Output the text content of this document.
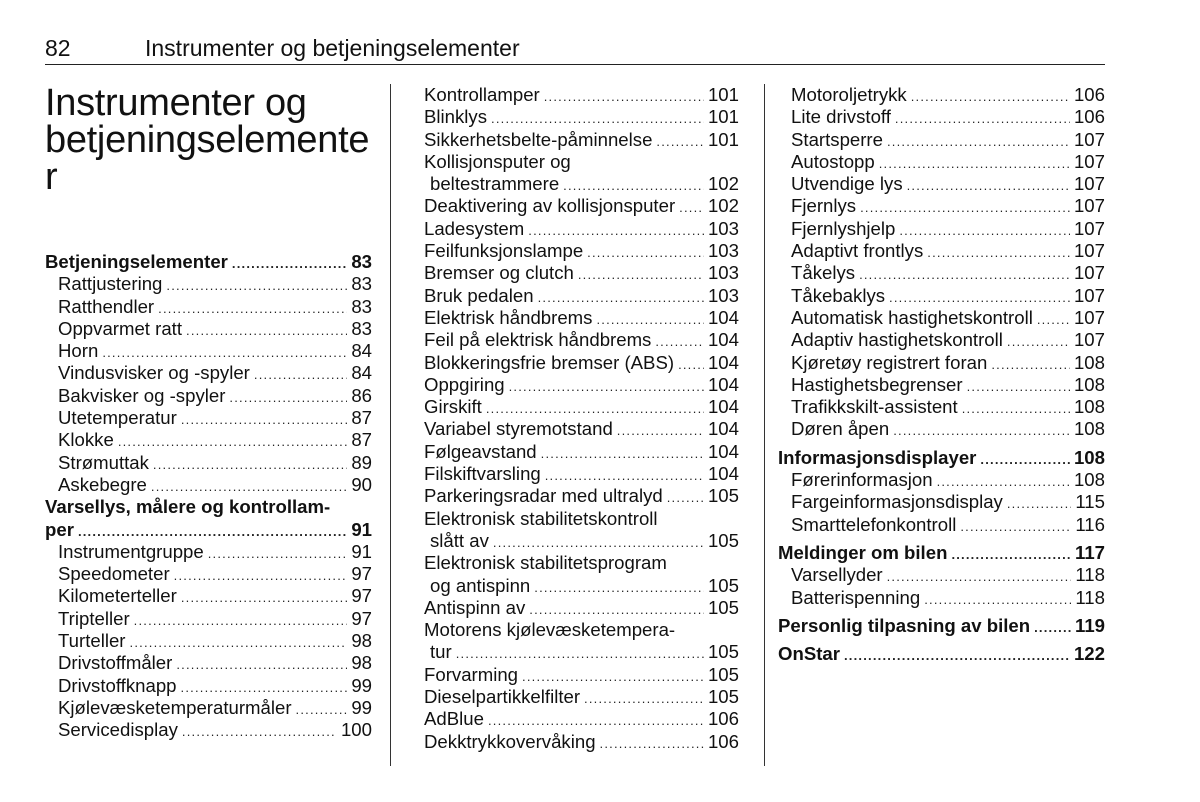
82	Instrumenter og betjeningselementer
Instrumenter og
betjeningselemente
r
Betjeningselementer .....	83
Rattjustering .....	83
Ratthendler .....	83
Oppvarmet ratt .....	83
Horn .....	84
Vindusvisker og -spyler .....	84
Bakvisker og -spyler .....	86
Utetemperatur .....	87
Klokke .....	87
Strømuttak .....	89
Askebegre .....	90
Varsellys, målere og kontrollam-
per .....	91
Instrumentgruppe .....	91
Speedometer .....	97
Kilometerteller .....	97
Tripteller .....	97
Turteller .....	98
Drivstoffmåler .....	98
Drivstoffknapp .....	99
Kjølevæsketemperaturmåler .....	99
Servicedisplay .....	100
Kontrollamper .....	101
Blinklys .....	101
Sikkerhetsbelte-påminnelse .....	101
Kollisjonsputer og
beltestrammere .....	102
Deaktivering av kollisjonsputer ..... 102
Ladesystem .....	103
Feilfunksjonslampe .....	103
Bremser og clutch .....	103
Bruk pedalen .....	103
Elektrisk håndbrems .....	104
Feil på elektrisk håndbrems .....	104
Blokkeringsfrie bremser (ABS) ..... 104
Oppgiring .....	104
Girskift .....	104
Variabel styremotstand .....	104
Følgeavstand .....	104
Filskiftvarsling .....	104
Parkeringsradar med ultralyd ..... 105
Elektronisk stabilitetskontroll
slått av .....	105
Elektronisk stabilitetsprogram
og antispinn .....	105
Antispinn av .....	105
Motorens kjølevæsketempera-
tur .....	105
Forvarming .....	105
Dieselpartikkelfilter .....	105
AdBlue .....	106
Dekktrykkovervåking .....	106
Motoroljetrykk .....	106
Lite drivstoff .....	106
Startsperre .....	107
Autostopp .....	107
Utvendige lys .....	107
Fjernlys .....	107
Fjernlyshjelp .....	107
Adaptivt frontlys .....	107
Tåkelys .....	107
Tåkebaklys .....	107
Automatisk hastighetskontroll ..... 107
Adaptiv hastighetskontroll .....	107
Kjøretøy registrert foran .....	108
Hastighetsbegrenser .....	108
Trafikkskilt-assistent .....	108
Døren åpen .....	108
Informasjonsdisplayer .....	108
Førerinformasjon .....	108
Fargeinformasjonsdisplay .....	115
Smarttelefonkontroll .....	116
Meldinger om bilen .....	117
Varsellyder .....	118
Batterispenning .....	118
Personlig tilpasning av bilen ..... 119
OnStar .....	122
